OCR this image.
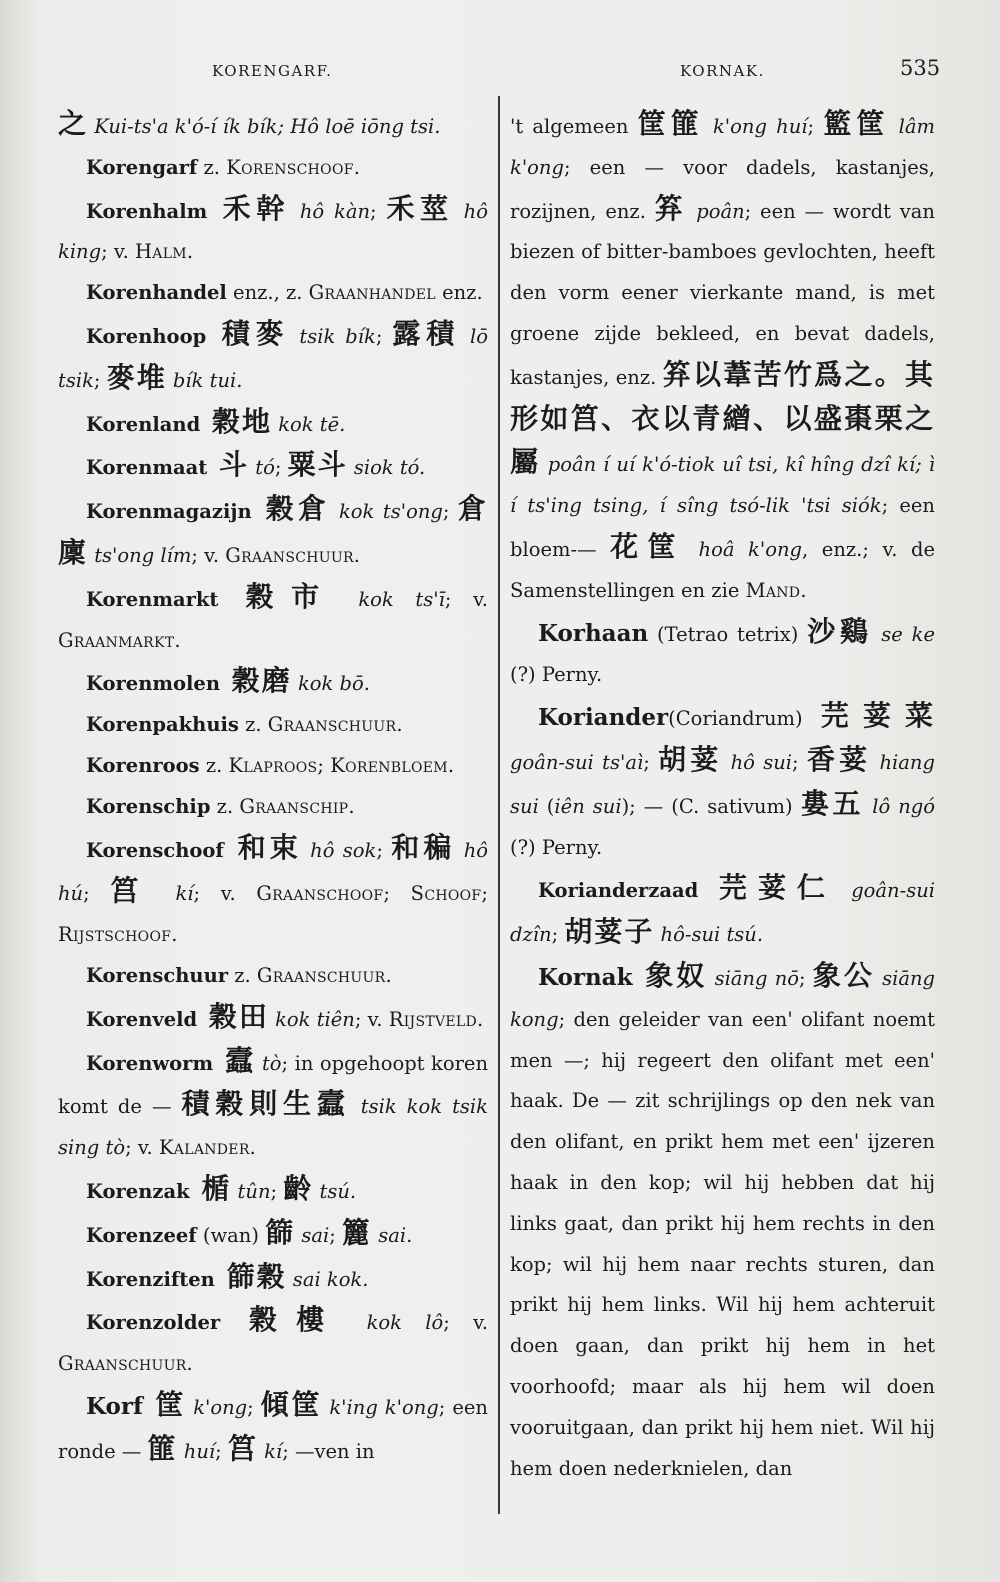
KORENGARF.	KORNAK.	535

之 Kui-ts'a k'ó-í ík bík; Hô loē iōng tsi.

Korengarf z. Korenschoof.

Korenhalm 禾幹 hô kàn; 禾莖 hô king; v. Halm.

Korenhandel enz., z. Graanhandel enz.

Korenhoop 積麥 tsik bík; 露積 lō tsik; 麥堆 bík tui.

Korenland 穀地 kok tē.

Korenmaat 斗 tó; 粟斗 siok tó.

Korenmagazijn 穀倉 kok ts'ong; 倉廩 ts'ong lím; v. Graanschuur.

Korenmarkt 穀市 kok ts'ī; v. Graanmarkt.

Korenmolen 穀磨 kok bō.

Korenpakhuis z. Graanschuur.

Korenroos z. Klaproos; Korenbloem.

Korenschip z. Graanschip.

Korenschoof 和束 hô sok; 和稨 hô hú; 筥 kí; v. Graanschoof; Schoof; Rijstschoof.

Korenschuur z. Graanschuur.

Korenveld 穀田 kok tiên; v. Rijstveld.

Korenworm 蠧 tò; in opgehoopt koren komt de — 積穀則生蠧 tsik kok tsik sing tò; v. Kalander.

Korenzak 楯 tûn; 齡 tsú.

Korenzeef (wan) 篩 sai; 籭 sai.

Korenziften 篩穀 sai kok.

Korenzolder 穀樓 kok lô; v. Graanschuur.

Korf 筐 k'ong; 傾筐 k'ing k'ong; een ronde — 篚 huí; 筥 kí; —ven in

't algemeen 筐篚 k'ong huí; 籃筐 lâm k'ong; een — voor dadels, kastanjes, rozijnen, enz. 笲 poân; een — wordt van biezen of bitter-bamboes gevlochten, heeft den vorm eener vierkante mand, is met groene zijde bekleed, en bevat dadels, kastanjes, enz. 笲以葦苦竹爲之。其形如筥、衣以青繒、以盛棗栗之屬 poân í uí k'ó-tiok uî tsi, kî hîng dzî kí; ì í ts'ing tsing, í sîng tsó-lik 'tsi siók; een bloem-— 花筐 hoâ k'ong, enz.; v. de Samenstellingen en zie Mand.

Korhaan (Tetrao tetrix) 沙鷄 se ke (?) Perny.

Koriander(Coriandrum) 芫荽菜 goân-sui ts'aì; 胡荽 hô sui; 香荽 hiang sui (iên sui); — (C. sativum) 婁五 lô ngó (?) Perny.

Korianderzaad 芫荽仁 goân-sui dzîn; 胡荽子 hô-sui tsú.

Kornak 象奴 siāng nō; 象公 siāng kong; den geleider van een' olifant noemt men —; hij regeert den olifant met een' haak. De — zit schrijlings op den nek van den olifant, en prikt hem met een' ijzeren haak in den kop; wil hij hebben dat hij links gaat, dan prikt hij hem rechts in den kop; wil hij hem naar rechts sturen, dan prikt hij hem links. Wil hij hem achteruit doen gaan, dan prikt hij hem in het voorhoofd; maar als hij hem wil doen vooruitgaan, dan prikt hij hem niet. Wil hij hem doen nederknielen, dan
